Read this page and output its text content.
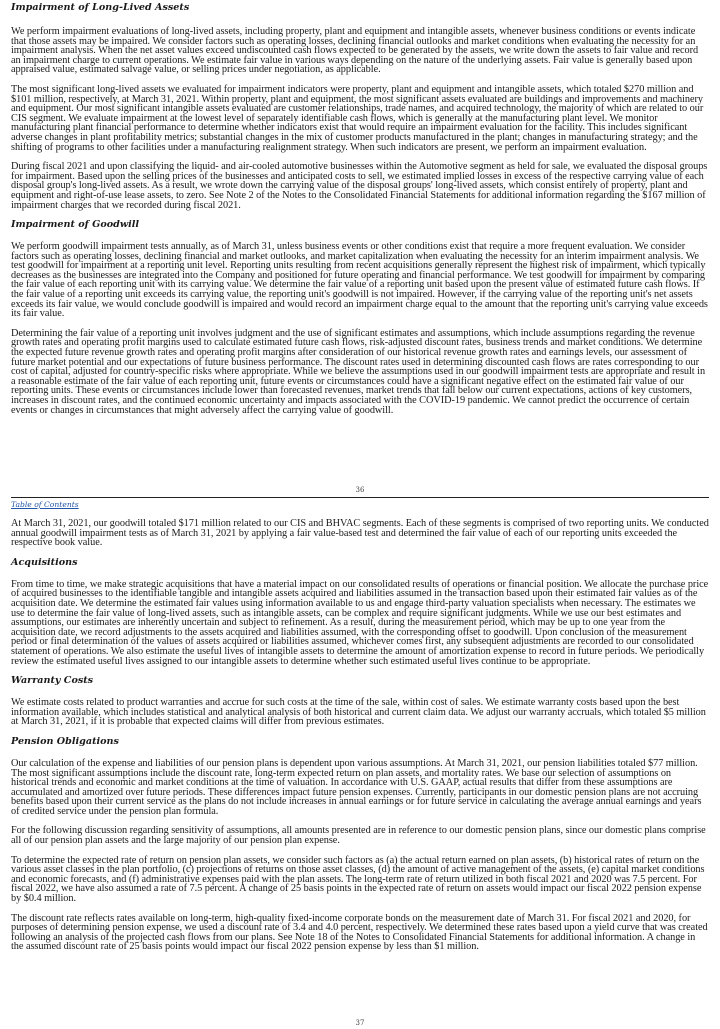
Impairment of Long-Lived Assets

We perform impairment evaluations of long-lived assets, including property, plant and equipment and intangible assets, whenever business conditions or events indicate that those assets may be impaired. We consider factors such as operating losses, declining financial outlooks and market conditions when evaluating the necessity for an impairment analysis. When the net asset values exceed undiscounted cash flows expected to be generated by the assets, we write down the assets to fair value and record an impairment charge to current operations. We estimate fair value in various ways depending on the nature of the underlying assets. Fair value is generally based upon appraised value, estimated salvage value, or selling prices under negotiation, as applicable.

The most significant long-lived assets we evaluated for impairment indicators were property, plant and equipment and intangible assets, which totaled $270 million and $101 million, respectively, at March 31, 2021. Within property, plant and equipment, the most significant assets evaluated are buildings and improvements and machinery and equipment. Our most significant intangible assets evaluated are customer relationships, trade names, and acquired technology, the majority of which are related to our CIS segment. We evaluate impairment at the lowest level of separately identifiable cash flows, which is generally at the manufacturing plant level. We monitor manufacturing plant financial performance to determine whether indicators exist that would require an impairment evaluation for the facility. This includes significant adverse changes in plant profitability metrics; substantial changes in the mix of customer products manufactured in the plant; changes in manufacturing strategy; and the shifting of programs to other facilities under a manufacturing realignment strategy. When such indicators are present, we perform an impairment evaluation.

During fiscal 2021 and upon classifying the liquid- and air-cooled automotive businesses within the Automotive segment as held for sale, we evaluated the disposal groups for impairment. Based upon the selling prices of the businesses and anticipated costs to sell, we estimated implied losses in excess of the respective carrying value of each disposal group's long-lived assets. As a result, we wrote down the carrying value of the disposal groups' long-lived assets, which consist entirely of property, plant and equipment and right-of-use lease assets, to zero. See Note 2 of the Notes to the Consolidated Financial Statements for additional information regarding the $167 million of impairment charges that we recorded during fiscal 2021.

Impairment of Goodwill

We perform goodwill impairment tests annually, as of March 31, unless business events or other conditions exist that require a more frequent evaluation. We consider factors such as operating losses, declining financial and market outlooks, and market capitalization when evaluating the necessity for an interim impairment analysis. We test goodwill for impairment at a reporting unit level. Reporting units resulting from recent acquisitions generally represent the highest risk of impairment, which typically decreases as the businesses are integrated into the Company and positioned for future operating and financial performance. We test goodwill for impairment by comparing the fair value of each reporting unit with its carrying value. We determine the fair value of a reporting unit based upon the present value of estimated future cash flows. If the fair value of a reporting unit exceeds its carrying value, the reporting unit's goodwill is not impaired. However, if the carrying value of the reporting unit's net assets exceeds its fair value, we would conclude goodwill is impaired and would record an impairment charge equal to the amount that the reporting unit's carrying value exceeds its fair value.

Determining the fair value of a reporting unit involves judgment and the use of significant estimates and assumptions, which include assumptions regarding the revenue growth rates and operating profit margins used to calculate estimated future cash flows, risk-adjusted discount rates, business trends and market conditions. We determine the expected future revenue growth rates and operating profit margins after consideration of our historical revenue growth rates and earnings levels, our assessment of future market potential and our expectations of future business performance. The discount rates used in determining discounted cash flows are rates corresponding to our cost of capital, adjusted for country-specific risks where appropriate. While we believe the assumptions used in our goodwill impairment tests are appropriate and result in a reasonable estimate of the fair value of each reporting unit, future events or circumstances could have a significant negative effect on the estimated fair value of our reporting units. These events or circumstances include lower than forecasted revenues, market trends that fall below our current expectations, actions of key customers, increases in discount rates, and the continued economic uncertainty and impacts associated with the COVID-19 pandemic. We cannot predict the occurrence of certain events or changes in circumstances that might adversely affect the carrying value of goodwill.

36
Table of Contents

At March 31, 2021, our goodwill totaled $171 million related to our CIS and BHVAC segments. Each of these segments is comprised of two reporting units. We conducted annual goodwill impairment tests as of March 31, 2021 by applying a fair value-based test and determined the fair value of each of our reporting units exceeded the respective book value.

Acquisitions

From time to time, we make strategic acquisitions that have a material impact on our consolidated results of operations or financial position. We allocate the purchase price of acquired businesses to the identifiable tangible and intangible assets acquired and liabilities assumed in the transaction based upon their estimated fair values as of the acquisition date. We determine the estimated fair values using information available to us and engage third-party valuation specialists when necessary. The estimates we use to determine the fair value of long-lived assets, such as intangible assets, can be complex and require significant judgments. While we use our best estimates and assumptions, our estimates are inherently uncertain and subject to refinement. As a result, during the measurement period, which may be up to one year from the acquisition date, we record adjustments to the assets acquired and liabilities assumed, with the corresponding offset to goodwill. Upon conclusion of the measurement period or final determination of the values of assets acquired or liabilities assumed, whichever comes first, any subsequent adjustments are recorded to our consolidated statement of operations. We also estimate the useful lives of intangible assets to determine the amount of amortization expense to record in future periods. We periodically review the estimated useful lives assigned to our intangible assets to determine whether such estimated useful lives continue to be appropriate.

Warranty Costs

We estimate costs related to product warranties and accrue for such costs at the time of the sale, within cost of sales. We estimate warranty costs based upon the best information available, which includes statistical and analytical analysis of both historical and current claim data. We adjust our warranty accruals, which totaled $5 million at March 31, 2021, if it is probable that expected claims will differ from previous estimates.

Pension Obligations

Our calculation of the expense and liabilities of our pension plans is dependent upon various assumptions. At March 31, 2021, our pension liabilities totaled $77 million. The most significant assumptions include the discount rate, long-term expected return on plan assets, and mortality rates. We base our selection of assumptions on historical trends and economic and market conditions at the time of valuation. In accordance with U.S. GAAP, actual results that differ from these assumptions are accumulated and amortized over future periods. These differences impact future pension expenses. Currently, participants in our domestic pension plans are not accruing benefits based upon their current service as the plans do not include increases in annual earnings or for future service in calculating the average annual earnings and years of credited service under the pension plan formula.

For the following discussion regarding sensitivity of assumptions, all amounts presented are in reference to our domestic pension plans, since our domestic plans comprise all of our pension plan assets and the large majority of our pension plan expense.

To determine the expected rate of return on pension plan assets, we consider such factors as (a) the actual return earned on plan assets, (b) historical rates of return on the various asset classes in the plan portfolio, (c) projections of returns on those asset classes, (d) the amount of active management of the assets, (e) capital market conditions and economic forecasts, and (f) administrative expenses paid with the plan assets. The long-term rate of return utilized in both fiscal 2021 and 2020 was 7.5 percent. For fiscal 2022, we have also assumed a rate of 7.5 percent. A change of 25 basis points in the expected rate of return on assets would impact our fiscal 2022 pension expense by $0.4 million.

The discount rate reflects rates available on long-term, high-quality fixed-income corporate bonds on the measurement date of March 31. For fiscal 2021 and 2020, for purposes of determining pension expense, we used a discount rate of 3.4 and 4.0 percent, respectively. We determined these rates based upon a yield curve that was created following an analysis of the projected cash flows from our plans. See Note 18 of the Notes to Consolidated Financial Statements for additional information. A change in the assumed discount rate of 25 basis points would impact our fiscal 2022 pension expense by less than $1 million.

37
